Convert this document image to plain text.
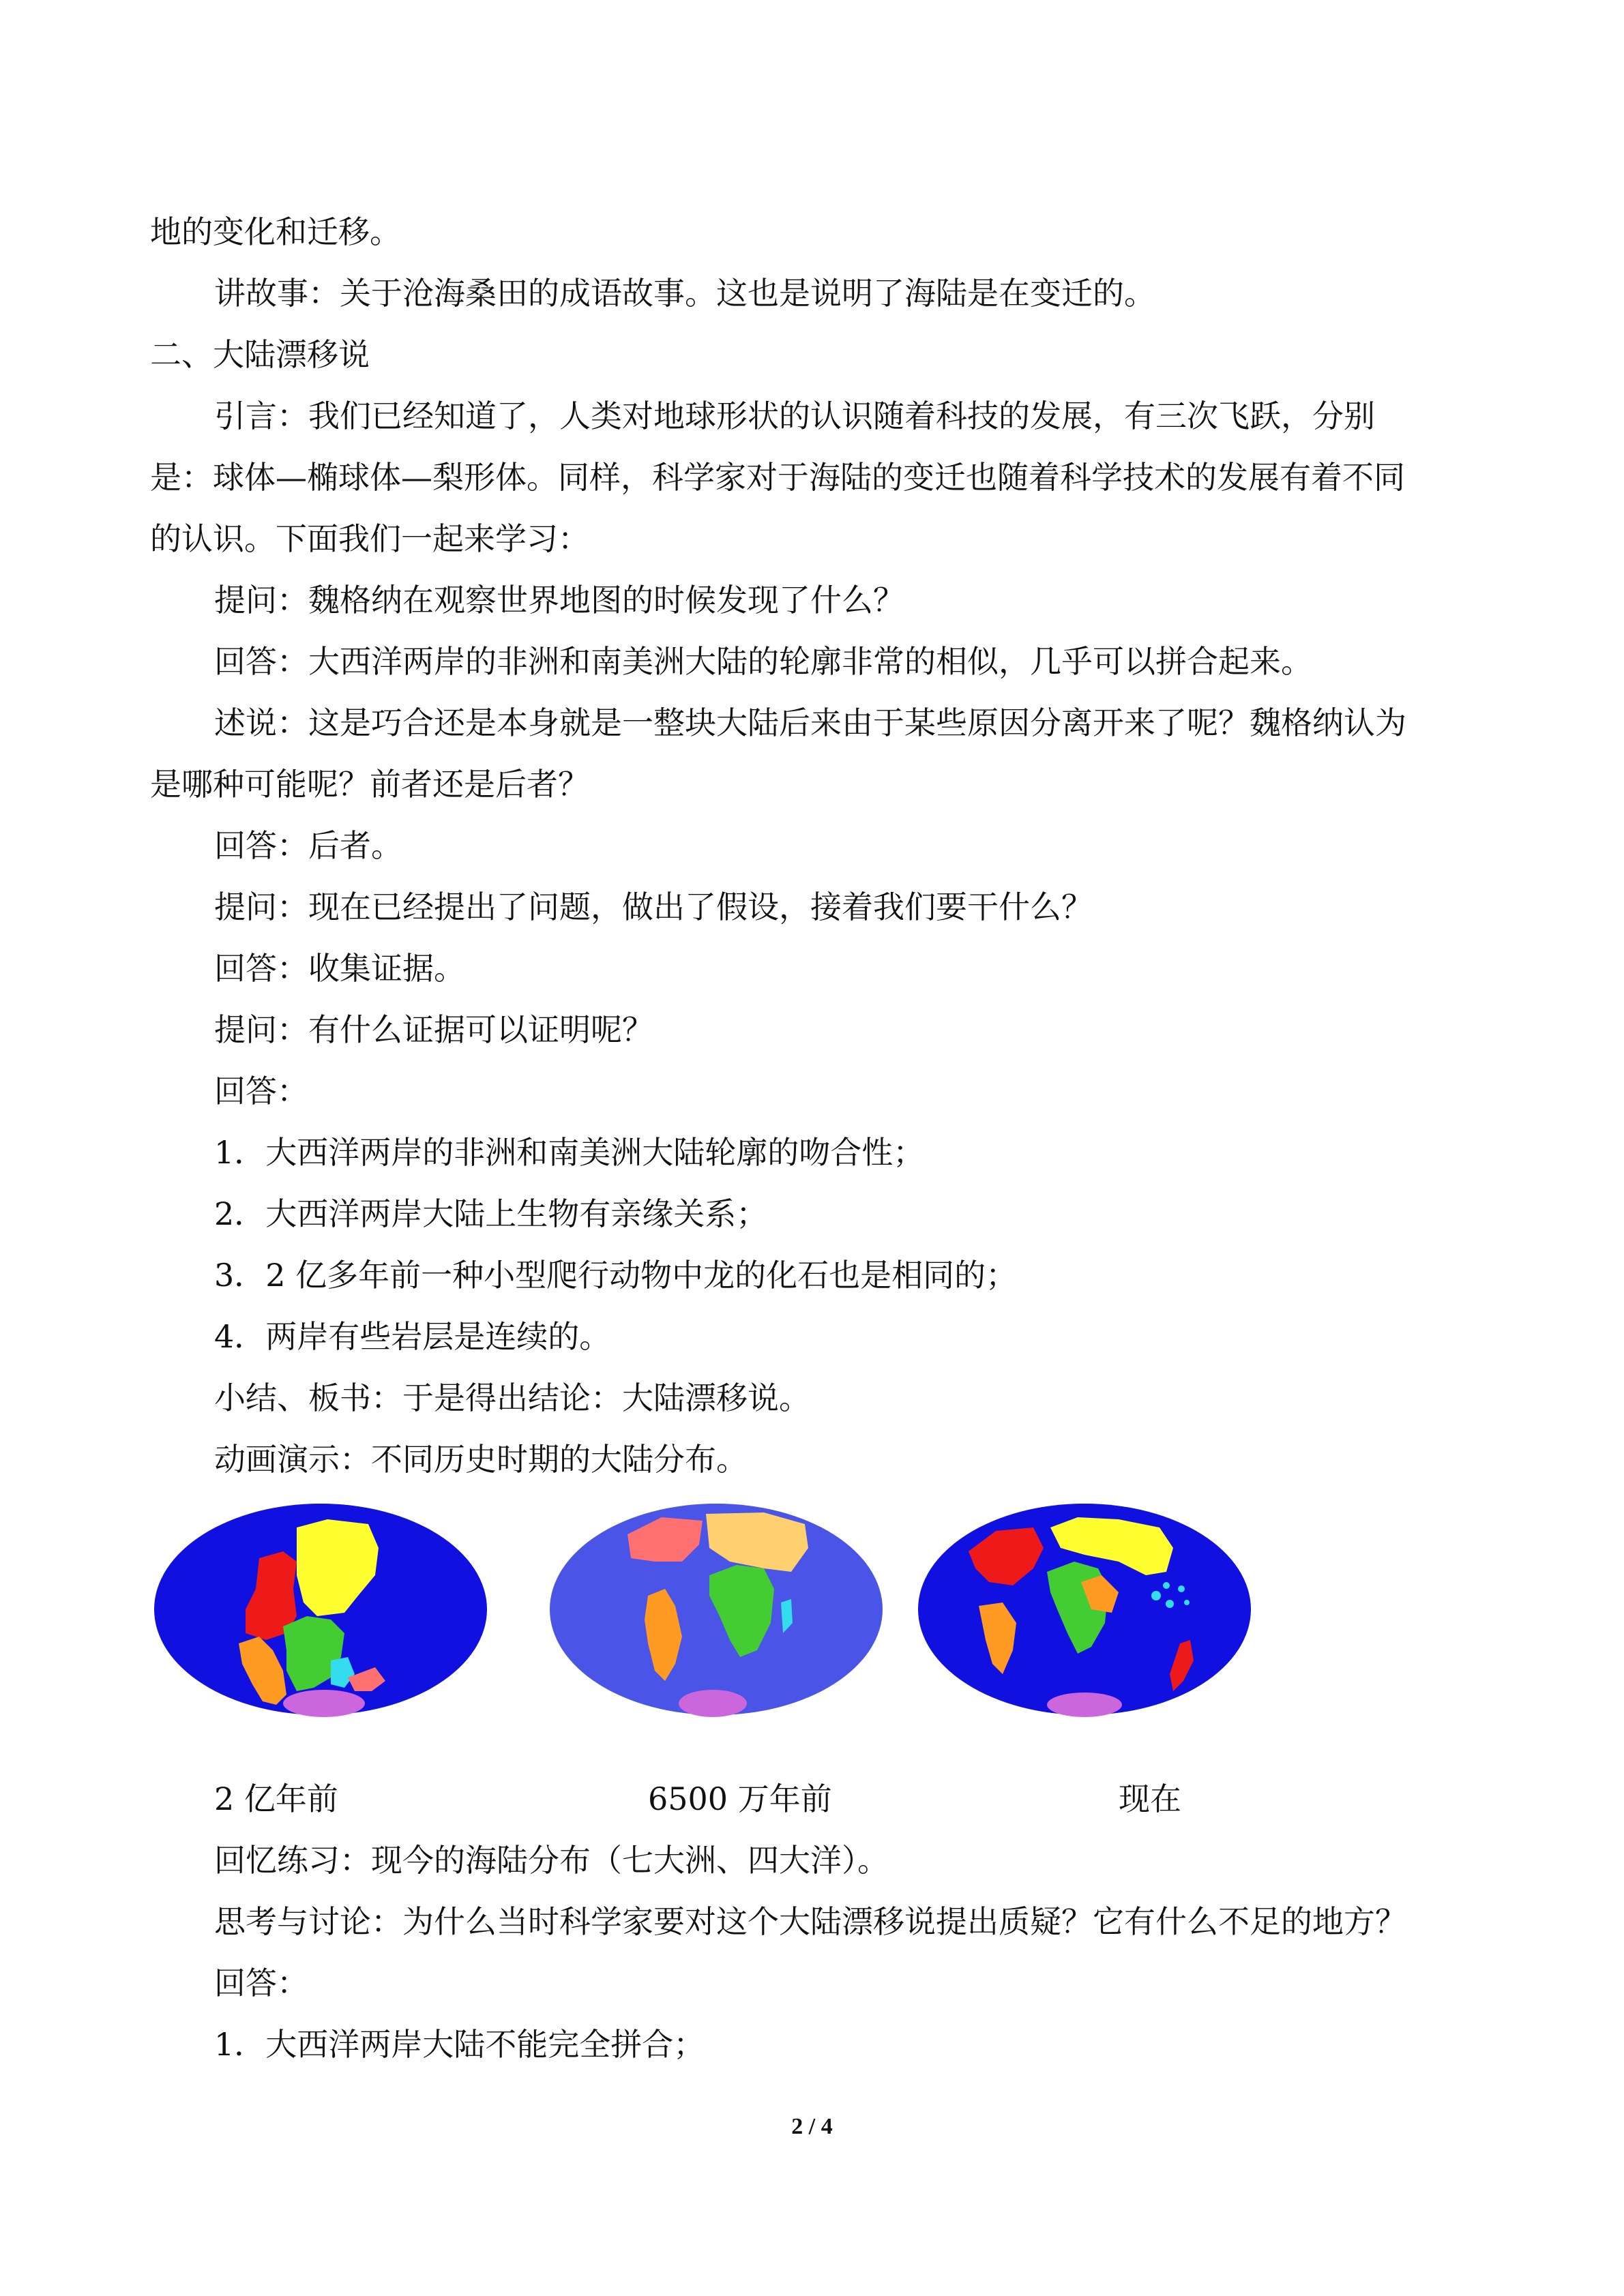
地的变化和迁移。
讲故事：关于沧海桑田的成语故事。这也是说明了海陆是在变迁的。
二、大陆漂移说
引言：我们已经知道了，人类对地球形状的认识随着科技的发展，有三次飞跃，分别
是：球体—椭球体—梨形体。同样，科学家对于海陆的变迁也随着科学技术的发展有着不同
的认识。下面我们一起来学习：
提问：魏格纳在观察世界地图的时候发现了什么？
回答：大西洋两岸的非洲和南美洲大陆的轮廓非常的相似，几乎可以拼合起来。
述说：这是巧合还是本身就是一整块大陆后来由于某些原因分离开来了呢？魏格纳认为
是哪种可能呢？前者还是后者？
回答：后者。
提问：现在已经提出了问题，做出了假设，接着我们要干什么？
回答：收集证据。
提问：有什么证据可以证明呢？
回答：
1．大西洋两岸的非洲和南美洲大陆轮廓的吻合性；
2．大西洋两岸大陆上生物有亲缘关系；
3．2 亿多年前一种小型爬行动物中龙的化石也是相同的；
4．两岸有些岩层是连续的。
小结、板书：于是得出结论：大陆漂移说。
动画演示：不同历史时期的大陆分布。
2 亿年前	6500 万年前	现在
回忆练习：现今的海陆分布（七大洲、四大洋）。
思考与讨论：为什么当时科学家要对这个大陆漂移说提出质疑？它有什么不足的地方？
回答：
1．大西洋两岸大陆不能完全拼合；
2 / 4
